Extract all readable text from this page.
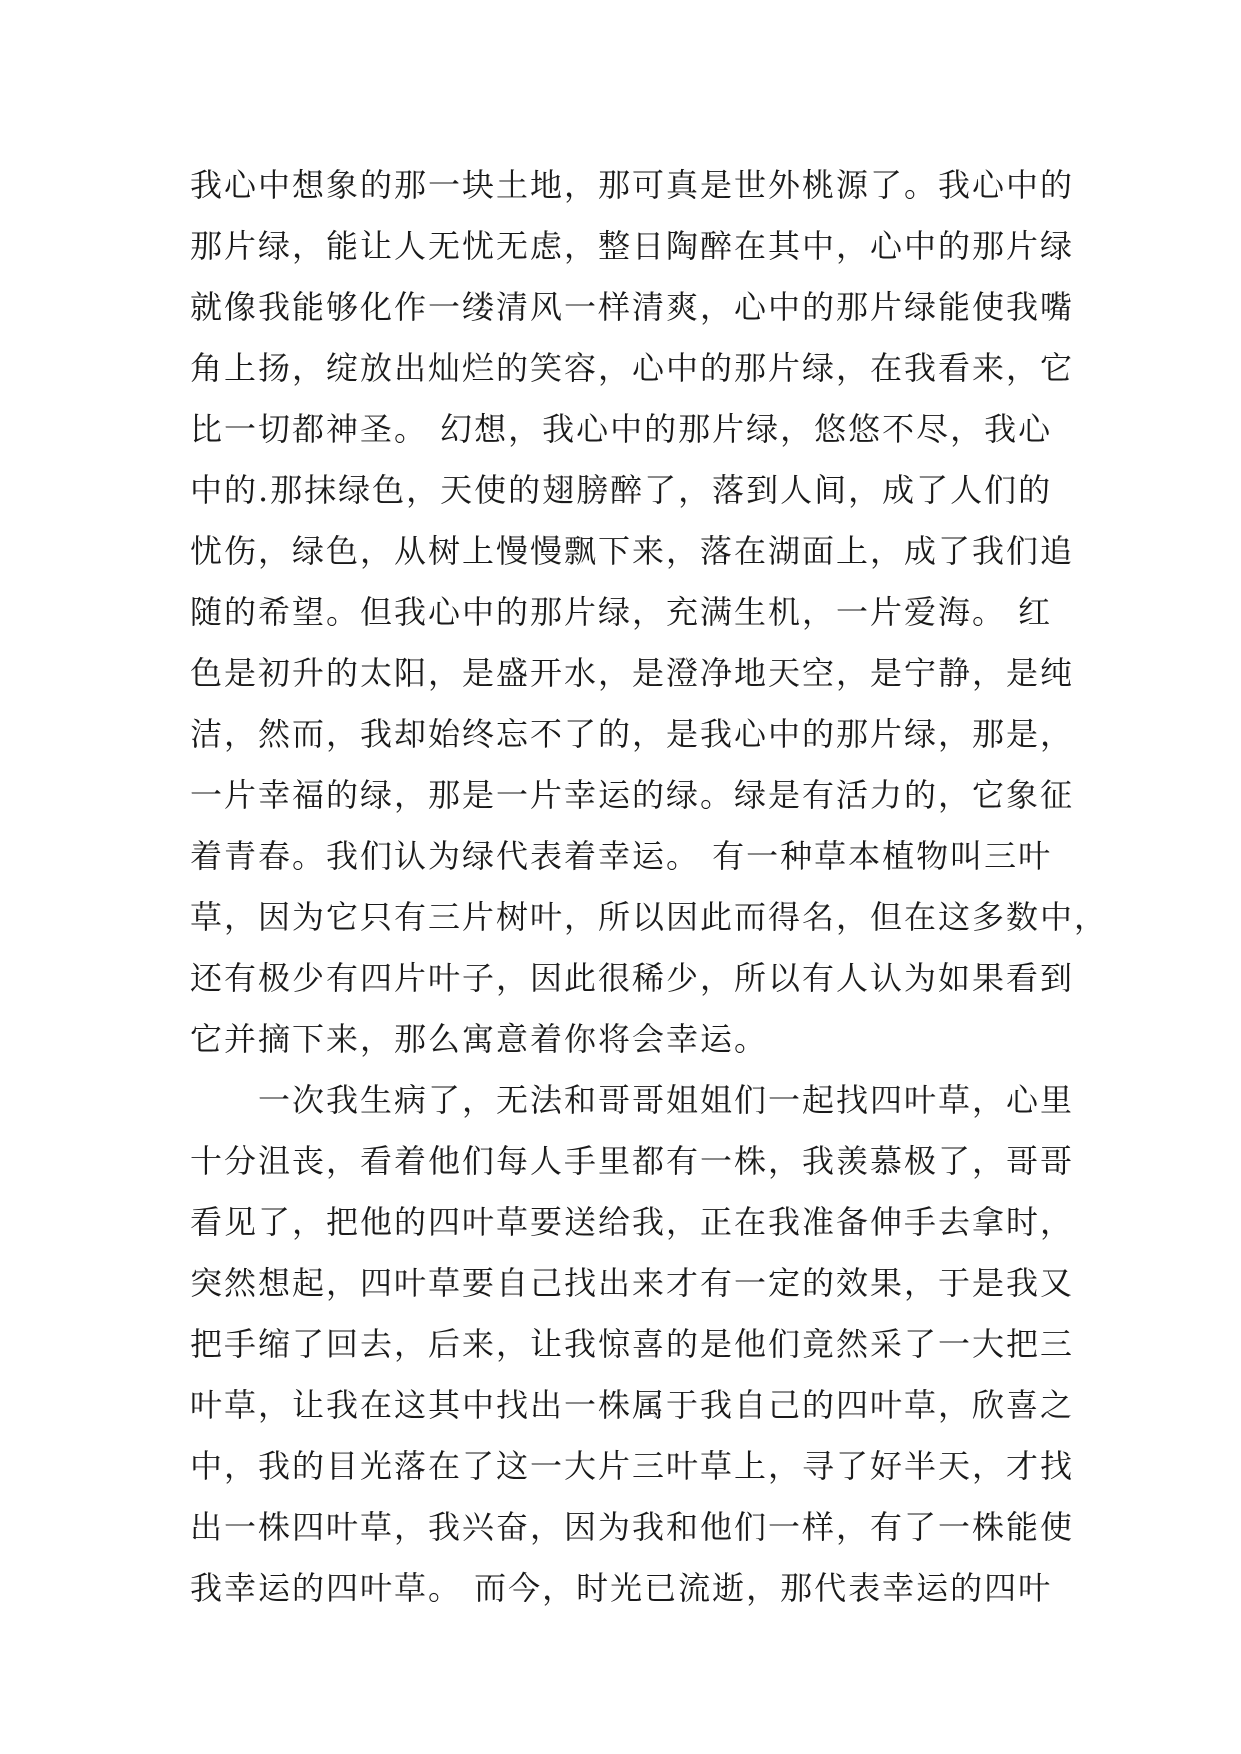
我心中想象的那一块土地，那可真是世外桃源了。我心中的
那片绿，能让人无忧无虑，整日陶醉在其中，心中的那片绿
就像我能够化作一缕清风一样清爽，心中的那片绿能使我嘴
角上扬，绽放出灿烂的笑容，心中的那片绿，在我看来，它
比一切都神圣。 幻想，我心中的那片绿，悠悠不尽，我心
中的.那抹绿色，天使的翅膀醉了，落到人间，成了人们的
忧伤，绿色，从树上慢慢飘下来，落在湖面上，成了我们追
随的希望。但我心中的那片绿，充满生机，一片爱海。 红
色是初升的太阳，是盛开水，是澄净地天空，是宁静，是纯
洁，然而，我却始终忘不了的，是我心中的那片绿，那是，
一片幸福的绿，那是一片幸运的绿。绿是有活力的，它象征
着青春。我们认为绿代表着幸运。 有一种草本植物叫三叶
草，因为它只有三片树叶，所以因此而得名，但在这多数中，
还有极少有四片叶子，因此很稀少，所以有人认为如果看到
它并摘下来，那么寓意着你将会幸运。
一次我生病了，无法和哥哥姐姐们一起找四叶草，心里
十分沮丧，看着他们每人手里都有一株，我羡慕极了，哥哥
看见了，把他的四叶草要送给我，正在我准备伸手去拿时，
突然想起，四叶草要自己找出来才有一定的效果，于是我又
把手缩了回去，后来，让我惊喜的是他们竟然采了一大把三
叶草，让我在这其中找出一株属于我自己的四叶草，欣喜之
中，我的目光落在了这一大片三叶草上，寻了好半天，才找
出一株四叶草，我兴奋，因为我和他们一样，有了一株能使
我幸运的四叶草。 而今，时光已流逝，那代表幸运的四叶
